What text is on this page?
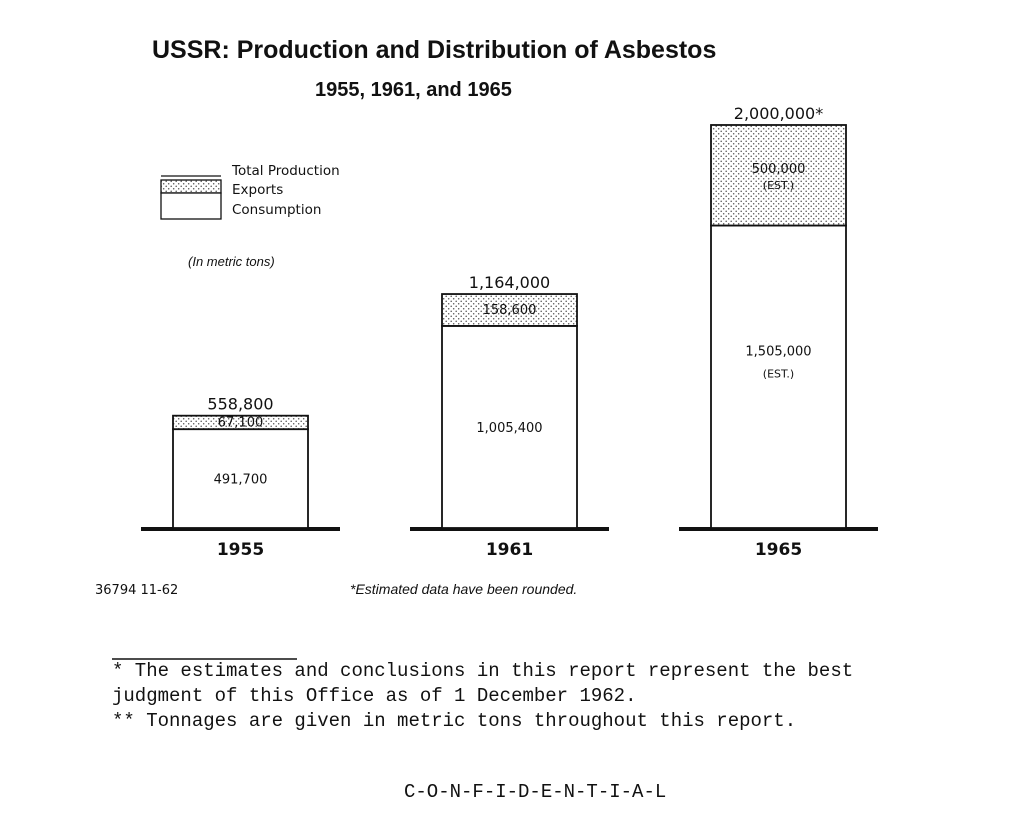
USSR: Production and Distribution of Asbestos
1955, 1961, and 1965
Total Production
Exports
Consumption
(In metric tons)
558,800
67,100
491,700
1955
1,164,000
158,600
1,005,400
1961
2,000,000*
500,000
(EST.)
1,505,000
(EST.)
1965
36794 11-62	*Estimated data have been rounded.
* The estimates and conclusions in this report represent the best
judgment of this Office as of 1 December 1962.
** Tonnages are given in metric tons throughout this report.
C-O-N-F-I-D-E-N-T-I-A-L
